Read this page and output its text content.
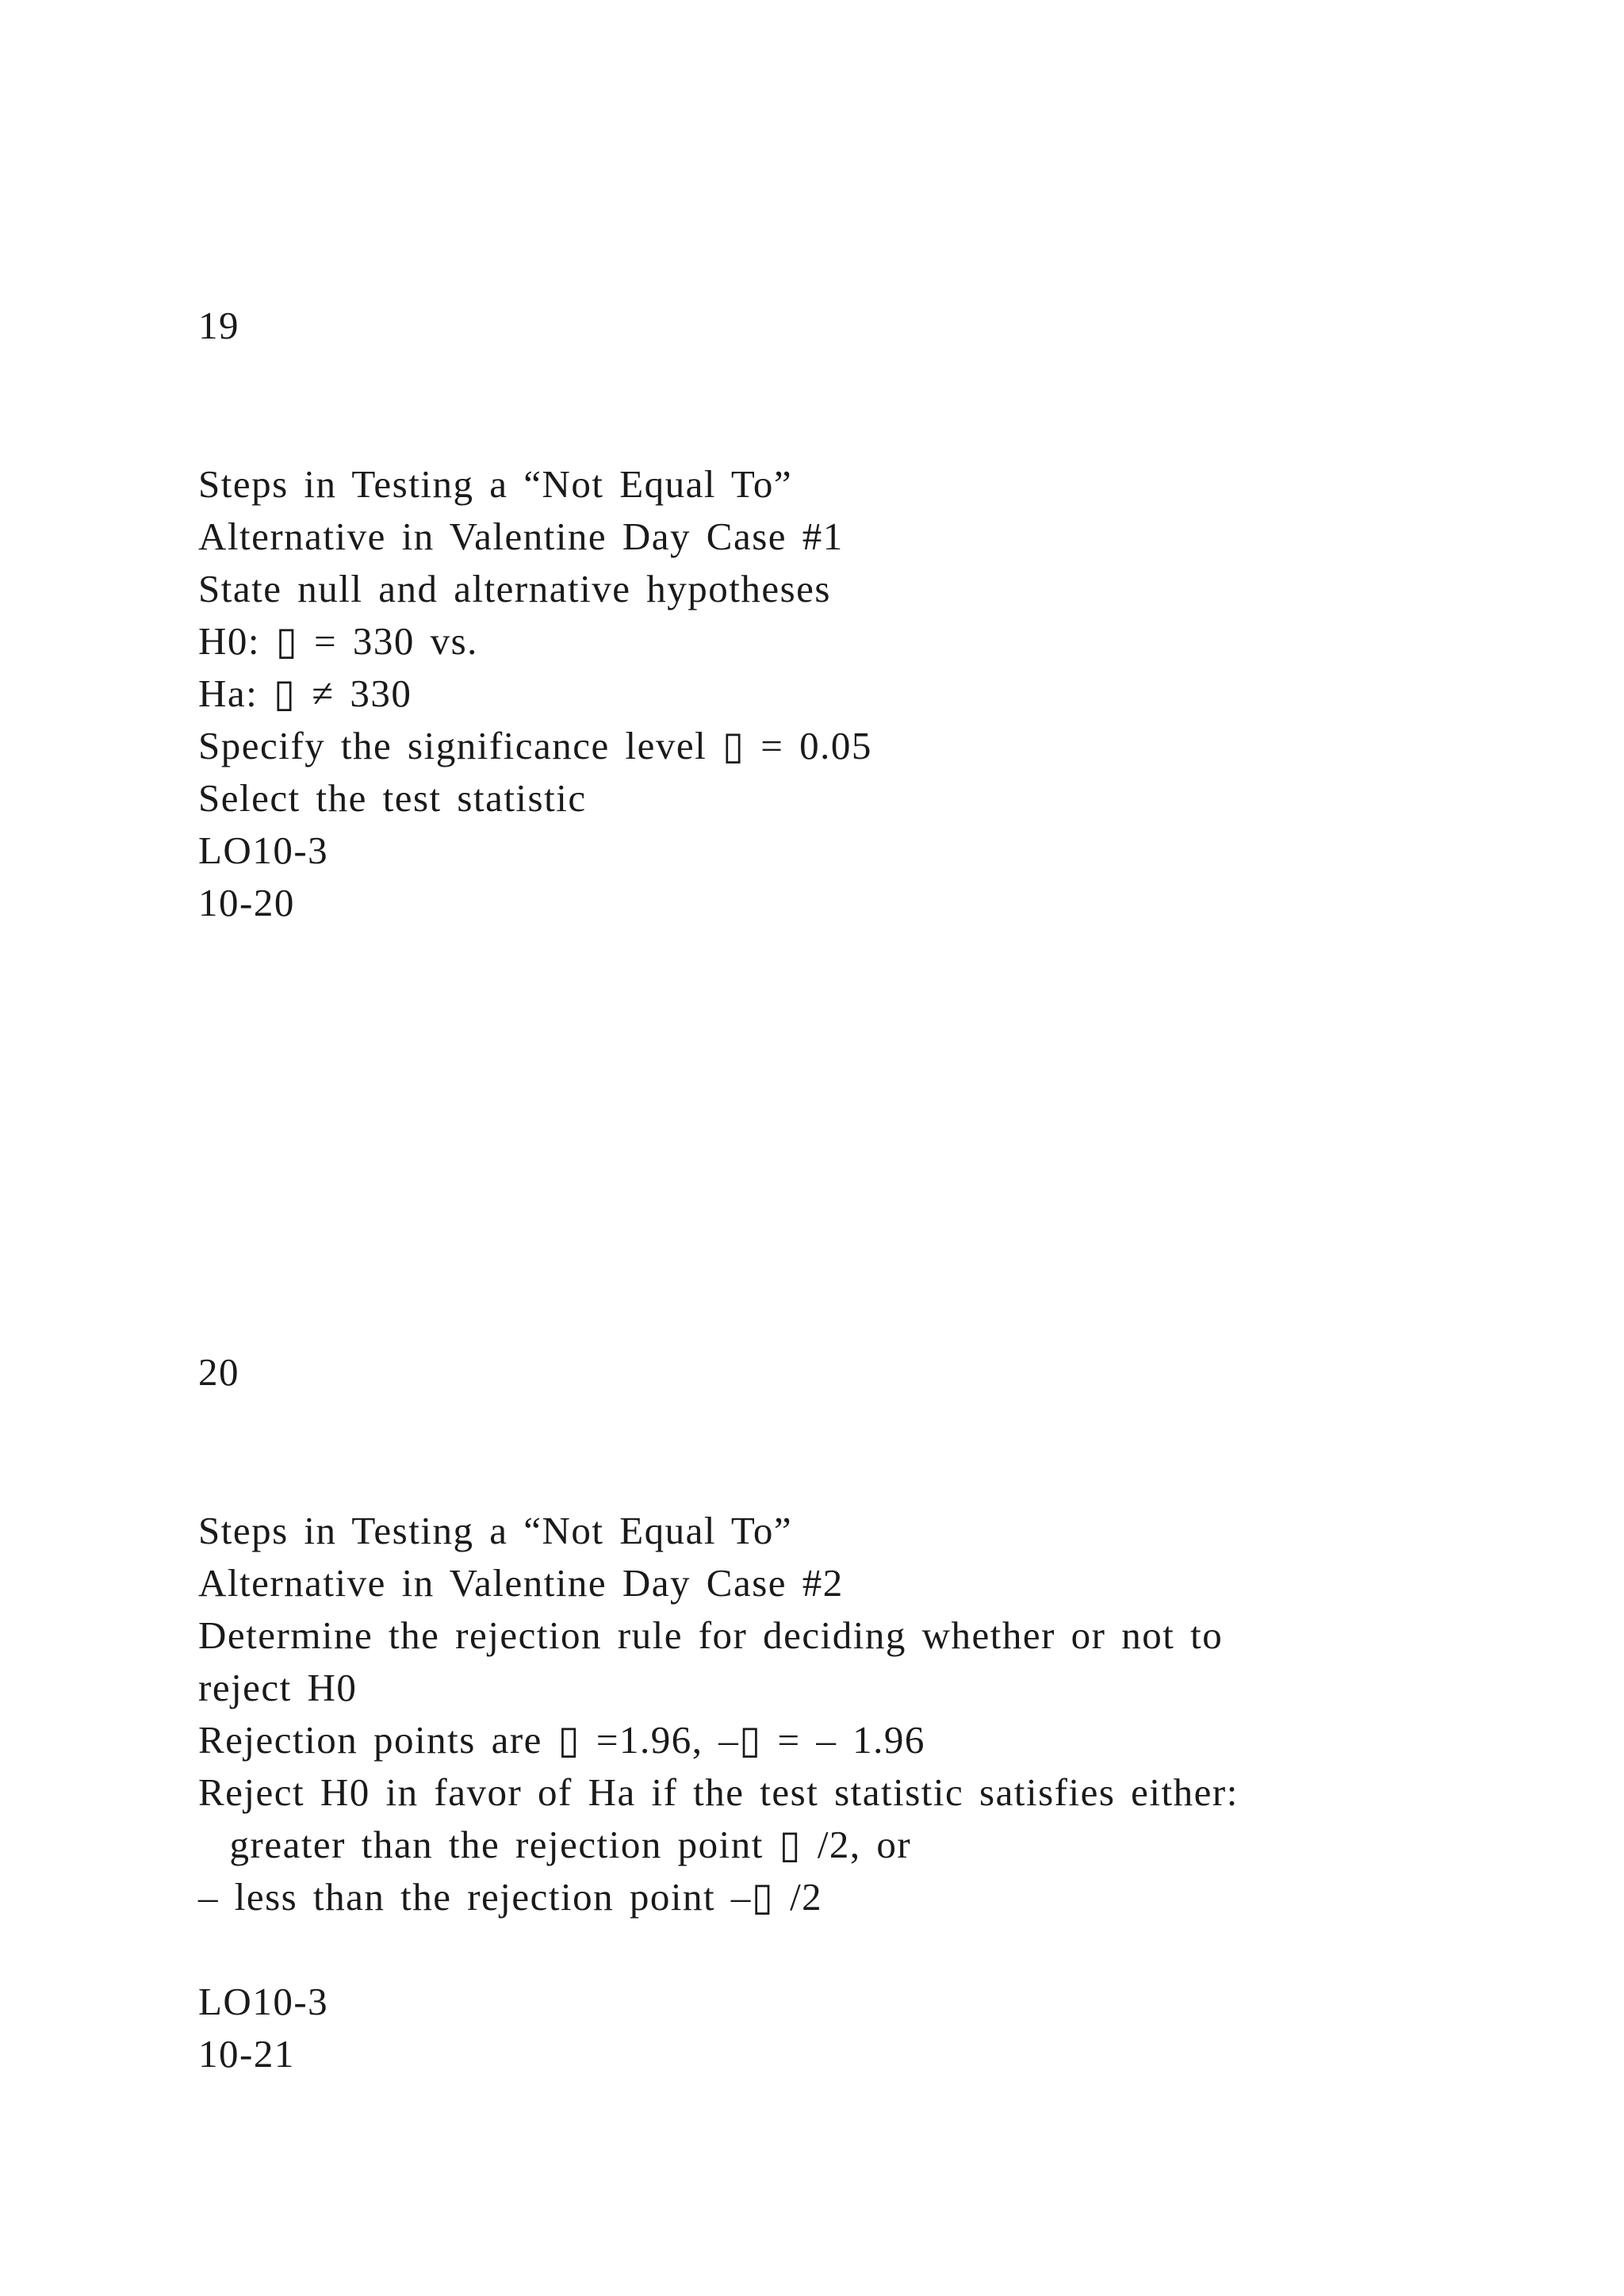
19

Steps in Testing a “Not Equal To”

Alternative in Valentine Day Case #1

State null and alternative hypotheses

H0: ▯ = 330 vs.

Ha: ▯ ≠ 330

Specify the significance level ▯ = 0.05

Select the test statistic

LO10-3

10-20

20

Steps in Testing a “Not Equal To”

Alternative in Valentine Day Case #2

Determine the rejection rule for deciding whether or not to

reject H0

Rejection points are ▯ =1.96, –▯ = – 1.96

Reject H0 in favor of Ha if the test statistic satisfies either:

greater than the rejection point ▯ /2, or

– less than the rejection point –▯ /2

LO10-3

10-21
